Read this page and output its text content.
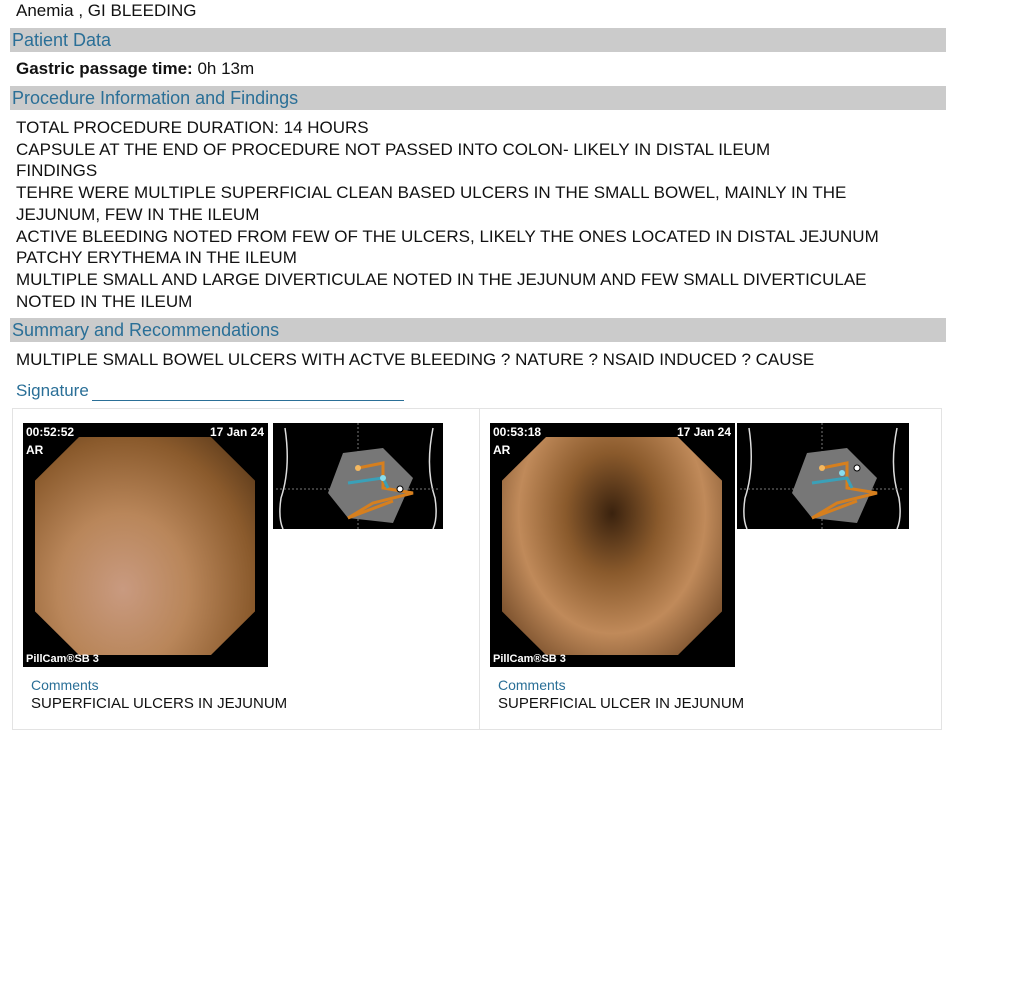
Anemia , GI BLEEDING
Patient Data
Gastric passage time: 0h 13m
Procedure Information and Findings
TOTAL PROCEDURE DURATION: 14 HOURS
CAPSULE AT THE END OF PROCEDURE NOT PASSED INTO COLON- LIKELY IN DISTAL ILEUM
FINDINGS
TEHRE WERE MULTIPLE SUPERFICIAL CLEAN BASED ULCERS IN THE SMALL BOWEL, MAINLY IN THE
JEJUNUM, FEW IN THE ILEUM
ACTIVE BLEEDING NOTED FROM FEW OF THE ULCERS, LIKELY THE ONES LOCATED IN DISTAL JEJUNUM
PATCHY ERYTHEMA IN THE ILEUM
MULTIPLE SMALL AND LARGE DIVERTICULAE NOTED IN THE JEJUNUM AND FEW SMALL DIVERTICULAE
NOTED IN THE ILEUM
Summary and Recommendations
MULTIPLE SMALL BOWEL ULCERS WITH ACTVE BLEEDING ? NATURE ? NSAID INDUCED ? CAUSE
Signature
00:52:52
AR
17 Jan 24
PillCam®SB 3
Comments
SUPERFICIAL ULCERS IN JEJUNUM
00:53:18
AR
17 Jan 24
PillCam®SB 3
Comments
SUPERFICIAL ULCER IN JEJUNUM
